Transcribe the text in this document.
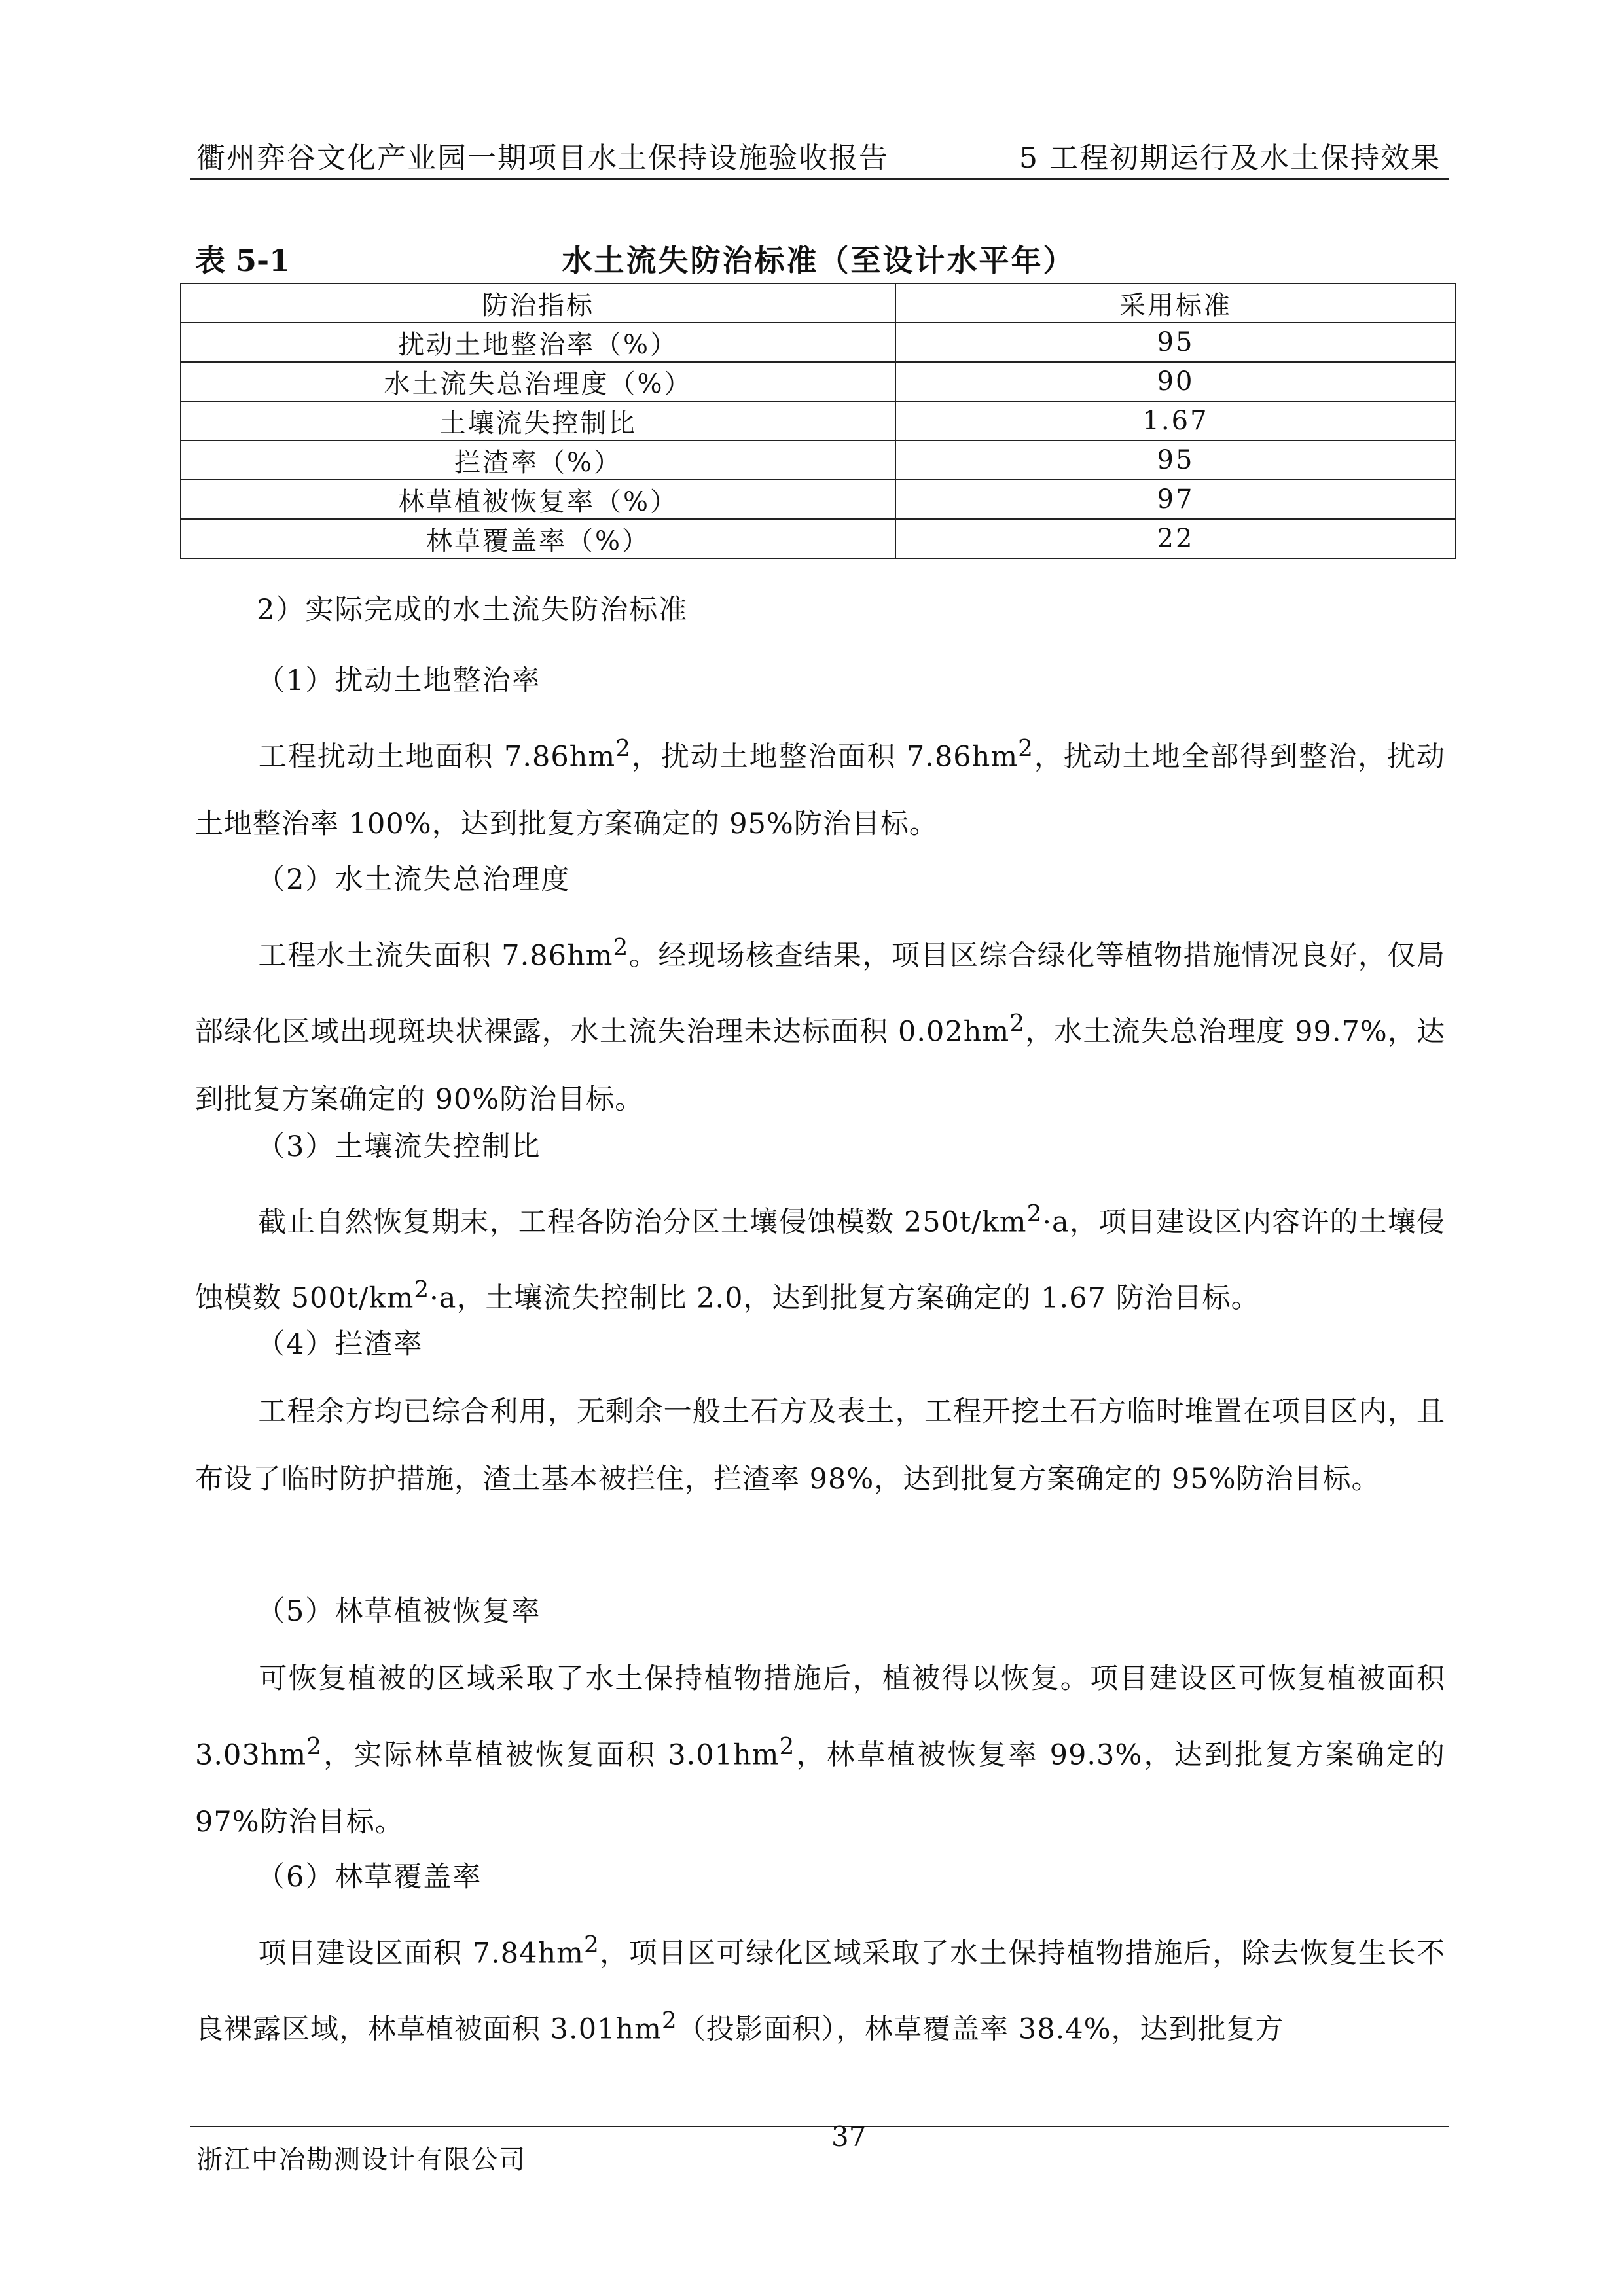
衢州弈谷文化产业园一期项目水土保持设施验收报告	5 工程初期运行及水土保持效果
水土流失防治标准（至设计水平年）
表 5-1
防治指标	采用标准
扰动土地整治率（%）	95
水土流失总治理度（%）	90
土壤流失控制比	1.67
拦渣率（%）	95
林草植被恢复率（%）	97
林草覆盖率（%）	22
2）实际完成的水土流失防治标准
（1）扰动土地整治率
工程扰动土地面积 $7.86hm^2$，扰动土地整治面积 $7.86hm^2$，扰动土地全部得到整治，扰动土地整治率 100%，达到批复方案确定的 95%防治目标。
（2）水土流失总治理度
工程水土流失面积 $7.86hm^2$。经现场核查结果，项目区综合绿化等植物措施情况良好，仅局部绿化区域出现斑块状裸露，水土流失治理未达标面积 $0.02hm^2$，水土流失总治理度 99.7%，达到批复方案确定的 90%防治目标。
（3）土壤流失控制比
截止自然恢复期末，工程各防治分区土壤侵蚀模数 $250t/km^2\cdot a$，项目建设区内容许的土壤侵蚀模数 $500t/km^2\cdot a$，土壤流失控制比 2.0，达到批复方案确定的 1.67 防治目标。
（4）拦渣率
工程余方均已综合利用，无剩余一般土石方及表土，工程开挖土石方临时堆置在项目区内，且布设了临时防护措施，渣土基本被拦住，拦渣率 98%，达到批复方案确定的 95%防治目标。
（5）林草植被恢复率
可恢复植被的区域采取了水土保持植物措施后，植被得以恢复。项目建设区可恢复植被面积 $3.03hm^2$，实际林草植被恢复面积 $3.01hm^2$，林草植被恢复率 99.3%，达到批复方案确定的 97%防治目标。
（6）林草覆盖率
项目建设区面积 $7.84hm^2$，项目区可绿化区域采取了水土保持植物措施后，除去恢复生长不良裸露区域，林草植被面积 $3.01hm^2$（投影面积），林草覆盖率 38.4%，达到批复方
浙江中冶勘测设计有限公司
37
